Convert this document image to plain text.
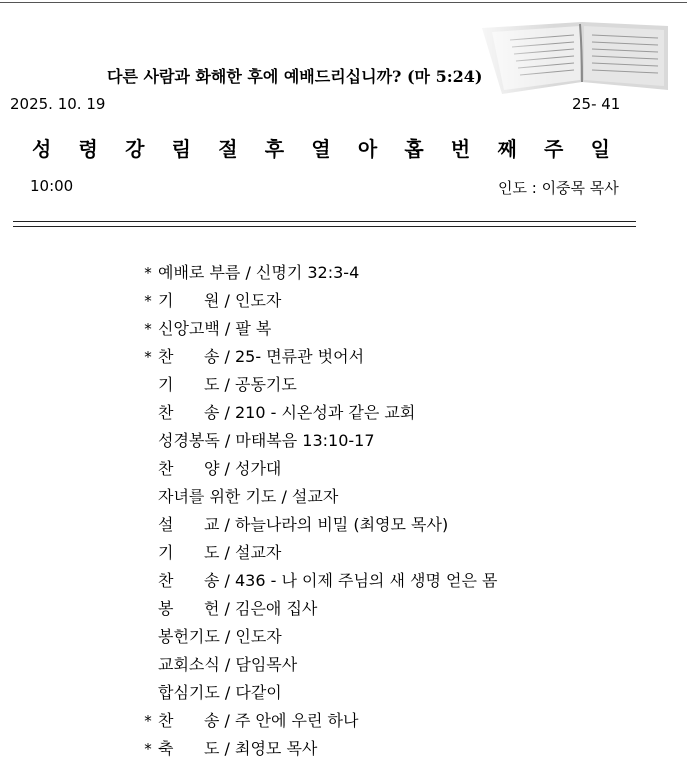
다른 사람과 화해한 후에 예배드리십니까? (마 5:24)
2025. 10. 19	25- 41
성 령 강 림 절 후 열 아 홉 번 째 주 일
10:00	인도 : 이중목 목사
* 예배로 부름 / 신명기 32:3-4
* 기      원 / 인도자
* 신앙고백 / 팔 복
* 찬      송 / 25- 면류관 벗어서
기      도 / 공동기도
찬      송 / 210 - 시온성과 같은 교회
성경봉독 / 마태복음 13:10-17
찬      양 / 성가대
자녀를 위한 기도 / 설교자
설      교 / 하늘나라의 비밀 (최영모 목사)
기      도 / 설교자
찬      송 / 436 - 나 이제 주님의 새 생명 얻은 몸
봉      헌 / 김은애 집사
봉헌기도 / 인도자
교회소식 / 담임목사
합심기도 / 다같이
* 찬      송 / 주 안에 우린 하나
* 축      도 / 최영모 목사
